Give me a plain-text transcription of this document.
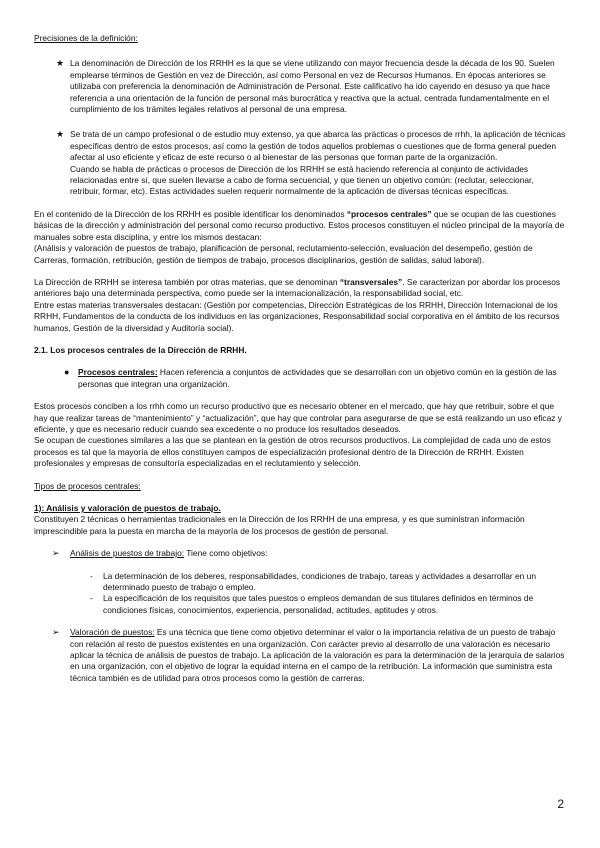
Precisiones de la definición:

★ La denominación de Dirección de los RRHH es la que se viene utilizando con mayor frecuencia desde la década de los 90. Suelen emplearse términos de Gestión en vez de Dirección, así como Personal en vez de Recursos Humanos. En épocas anteriores se utilizaba con preferencia la denominación de Administración de Personal. Este calificativo ha ido cayendo en desuso ya que hace referencia a una orientación de la función de personal más burocrática y reactiva que la actual, centrada fundamentalmente en el cumplimiento de los trámites legales relativos al personal de una empresa.

★ Se trata de un campo profesional o de estudio muy extenso, ya que abarca las prácticas o procesos de rrhh, la aplicación de técnicas específicas dentro de estos procesos, así como la gestión de todos aquellos problemas o cuestiones que de forma general pueden afectar al uso eficiente y eficaz de este recurso o al bienestar de las personas que forman parte de la organización.

Cuando se habla de prácticas o procesos de Dirección de los RRHH se está haciendo referencia al conjunto de actividades relacionadas entre sí, que suelen llevarse a cabo de forma secuencial, y que tienen un objetivo común: (reclutar, seleccionar, retribuir, formar, etc). Estas actividades suelen requerir normalmente de la aplicación de diversas técnicas específicas.

En el contenido de la Dirección de los RRHH es posible identificar los denominados “procesos centrales” que se ocupan de las cuestiones básicas de la dirección y administración del personal como recurso productivo. Estos procesos constituyen el núcleo principal de la mayoría de manuales sobre esta disciplina, y entre los mismos destacan:

(Análisis y valoración de puestos de trabajo, planificación de personal, reclutamiento-selección, evaluación del desempeño, gestión de Carreras, formación, retribución, gestión de tiempos de trabajo, procesos disciplinarios, gestión de salidas, salud laboral).

La Dirección de RRHH se interesa también por otras materias, que se denominan “transversales”. Se caracterizan por abordar los procesos anteriores bajo una determinada perspectiva, como puede ser la internacionalización, la responsabilidad social, etc.

Entre estas materias transversales destacan: (Gestión por competencias, Dirección Estratégicas de los RRHH, Dirección Internacional de los RRHH, Fundamentos de la conducta de los individuos en las organizaciones, Responsabilidad social corporativa en el ámbito de los recursos humanos, Gestión de la diversidad y Auditoría social).

2.1. Los procesos centrales de la Dirección de RRHH.

●	Procesos centrales: Hacen referencia a conjuntos de actividades que se desarrollan con un objetivo común en la gestión de las personas que integran una organización.

Estos procesos conciben a los rrhh como un recurso productivo que es necesario obtener en el mercado, que hay que retribuir, sobre el que hay que realizar tareas de “mantenimiento” y “actualización”, que hay que controlar para asegurarse de que se está realizando un uso eficaz y eficiente, y que es necesario reducir cuando sea excedente o no produce los resultados deseados.

Se ocupan de cuestiones similares a las que se plantean en la gestión de otros recursos productivos. La complejidad de cada uno de estos procesos es tal que la mayoría de ellos constituyen campos de especialización profesional dentro de la Dirección de RRHH. Existen profesionales y empresas de consultoría especializadas en el reclutamiento y selección.

Tipos de procesos centrales:

1): Análisis y valoración de puestos de trabajo.

Constituyen 2 técnicas o herramientas tradicionales en la Dirección de los RRHH de una empresa, y es que suministran información imprescindible para la puesta en marcha de la mayoría de los procesos de gestión de personal.

➢	Análisis de puestos de trabajo: Tiene como objetivos:

-	La determinación de los deberes, responsabilidades, condiciones de trabajo, tareas y actividades a desarrollar en un determinado puesto de trabajo o empleo.

-	La especificación de los requisitos que tales puestos o empleos demandan de sus titulares definidos en términos de condiciones físicas, conocimientos, experiencia, personalidad, actitudes, aptitudes y otros.

➢	Valoración de puestos: Es una técnica que tiene como objetivo determinar el valor o la importancia relativa de un puesto de trabajo con relación al resto de puestos existentes en una organización. Con carácter previo al desarrollo de una valoración es necesario aplicar la técnica de análisis de puestos de trabajo. La aplicación de la valoración es para la determinación de la jerarquía de salarios en una organización, con el objetivo de lograr la equidad interna en el campo de la retribución. La información que suministra esta técnica también es de utilidad para otros procesos como la gestión de carreras.

2
